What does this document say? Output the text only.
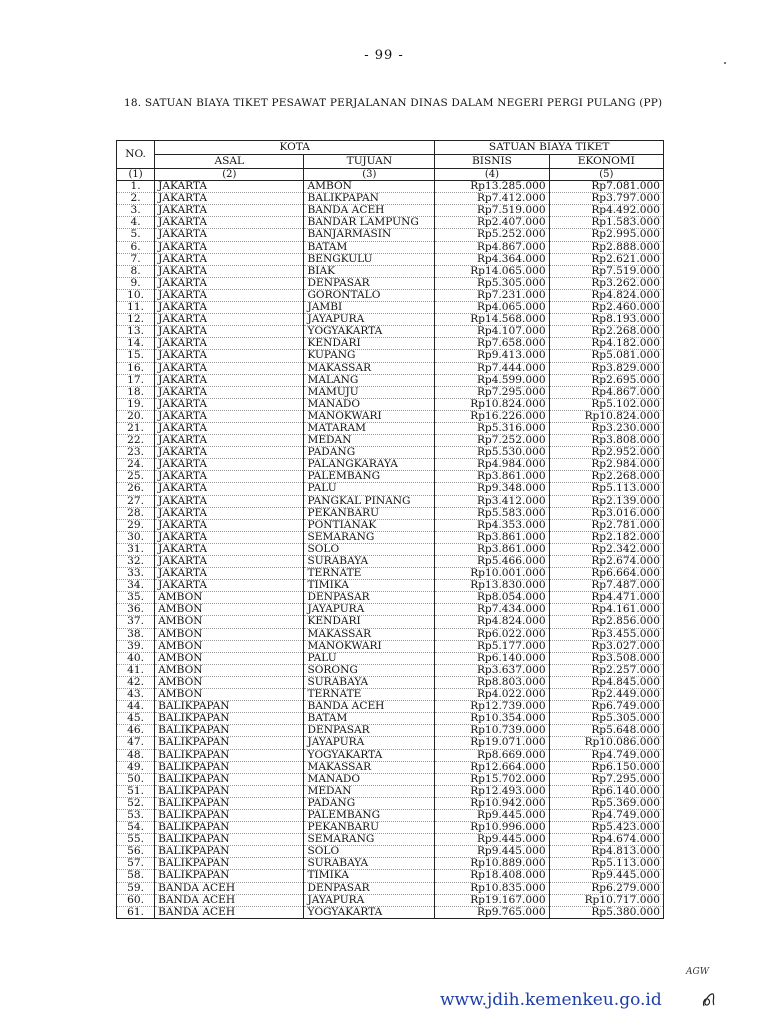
- 99 -
18. SATUAN BIAYA TIKET PESAWAT PERJALANAN DINAS DALAM NEGERI PERGI PULANG (PP)
NO.	KOTA		SATUAN BIAYA TIKET	
	ASAL	TUJUAN	BISNIS	EKONOMI
(1)	(2)	(3)	(4)	(5)
1.	JAKARTA	AMBON	Rp13.285.000	Rp7.081.000
2.	JAKARTA	BALIKPAPAN	Rp7.412.000	Rp3.797.000
3.	JAKARTA	BANDA ACEH	Rp7.519.000	Rp4.492.000
4.	JAKARTA	BANDAR LAMPUNG	Rp2.407.000	Rp1.583.000
5.	JAKARTA	BANJARMASIN	Rp5.252.000	Rp2.995.000
6.	JAKARTA	BATAM	Rp4.867.000	Rp2.888.000
7.	JAKARTA	BENGKULU	Rp4.364.000	Rp2.621.000
8.	JAKARTA	BIAK	Rp14.065.000	Rp7.519.000
9.	JAKARTA	DENPASAR	Rp5.305.000	Rp3.262.000
10.	JAKARTA	GORONTALO	Rp7.231.000	Rp4.824.000
11.	JAKARTA	JAMBI	Rp4.065.000	Rp2.460.000
12.	JAKARTA	JAYAPURA	Rp14.568.000	Rp8.193.000
13.	JAKARTA	YOGYAKARTA	Rp4.107.000	Rp2.268.000
14.	JAKARTA	KENDARI	Rp7.658.000	Rp4.182.000
15.	JAKARTA	KUPANG	Rp9.413.000	Rp5.081.000
16.	JAKARTA	MAKASSAR	Rp7.444.000	Rp3.829.000
17.	JAKARTA	MALANG	Rp4.599.000	Rp2.695.000
18.	JAKARTA	MAMUJU	Rp7.295.000	Rp4.867.000
19.	JAKARTA	MANADO	Rp10.824.000	Rp5.102.000
20.	JAKARTA	MANOKWARI	Rp16.226.000	Rp10.824.000
21.	JAKARTA	MATARAM	Rp5.316.000	Rp3.230.000
22.	JAKARTA	MEDAN	Rp7.252.000	Rp3.808.000
23.	JAKARTA	PADANG	Rp5.530.000	Rp2.952.000
24.	JAKARTA	PALANGKARAYA	Rp4.984.000	Rp2.984.000
25.	JAKARTA	PALEMBANG	Rp3.861.000	Rp2.268.000
26.	JAKARTA	PALU	Rp9.348.000	Rp5.113.000
27.	JAKARTA	PANGKAL PINANG	Rp3.412.000	Rp2.139.000
28.	JAKARTA	PEKANBARU	Rp5.583.000	Rp3.016.000
29.	JAKARTA	PONTIANAK	Rp4.353.000	Rp2.781.000
30.	JAKARTA	SEMARANG	Rp3.861.000	Rp2.182.000
31.	JAKARTA	SOLO	Rp3.861.000	Rp2.342.000
32.	JAKARTA	SURABAYA	Rp5.466.000	Rp2.674.000
33.	JAKARTA	TERNATE	Rp10.001.000	Rp6.664.000
34.	JAKARTA	TIMIKA	Rp13.830.000	Rp7.487.000
35.	AMBON	DENPASAR	Rp8.054.000	Rp4.471.000
36.	AMBON	JAYAPURA	Rp7.434.000	Rp4.161.000
37.	AMBON	KENDARI	Rp4.824.000	Rp2.856.000
38.	AMBON	MAKASSAR	Rp6.022.000	Rp3.455.000
39.	AMBON	MANOKWARI	Rp5.177.000	Rp3.027.000
40.	AMBON	PALU	Rp6.140.000	Rp3.508.000
41.	AMBON	SORONG	Rp3.637.000	Rp2.257.000
42.	AMBON	SURABAYA	Rp8.803.000	Rp4.845.000
43.	AMBON	TERNATE	Rp4.022.000	Rp2.449.000
44.	BALIKPAPAN	BANDA ACEH	Rp12.739.000	Rp6.749.000
45.	BALIKPAPAN	BATAM	Rp10.354.000	Rp5.305.000
46.	BALIKPAPAN	DENPASAR	Rp10.739.000	Rp5.648.000
47.	BALIKPAPAN	JAYAPURA	Rp19.071.000	Rp10.086.000
48.	BALIKPAPAN	YOGYAKARTA	Rp8.669.000	Rp4.749.000
49.	BALIKPAPAN	MAKASSAR	Rp12.664.000	Rp6.150.000
50.	BALIKPAPAN	MANADO	Rp15.702.000	Rp7.295.000
51.	BALIKPAPAN	MEDAN	Rp12.493.000	Rp6.140.000
52.	BALIKPAPAN	PADANG	Rp10.942.000	Rp5.369.000
53.	BALIKPAPAN	PALEMBANG	Rp9.445.000	Rp4.749.000
54.	BALIKPAPAN	PEKANBARU	Rp10.996.000	Rp5.423.000
55.	BALIKPAPAN	SEMARANG	Rp9.445.000	Rp4.674.000
56.	BALIKPAPAN	SOLO	Rp9.445.000	Rp4.813.000
57.	BALIKPAPAN	SURABAYA	Rp10.889.000	Rp5.113.000
58.	BALIKPAPAN	TIMIKA	Rp18.408.000	Rp9.445.000
59.	BANDA ACEH	DENPASAR	Rp10.835.000	Rp6.279.000
60.	BANDA ACEH	JAYAPURA	Rp19.167.000	Rp10.717.000
61.	BANDA ACEH	YOGYAKARTA	Rp9.765.000	Rp5.380.000
AGW
www.jdih.kemenkeu.go.id
